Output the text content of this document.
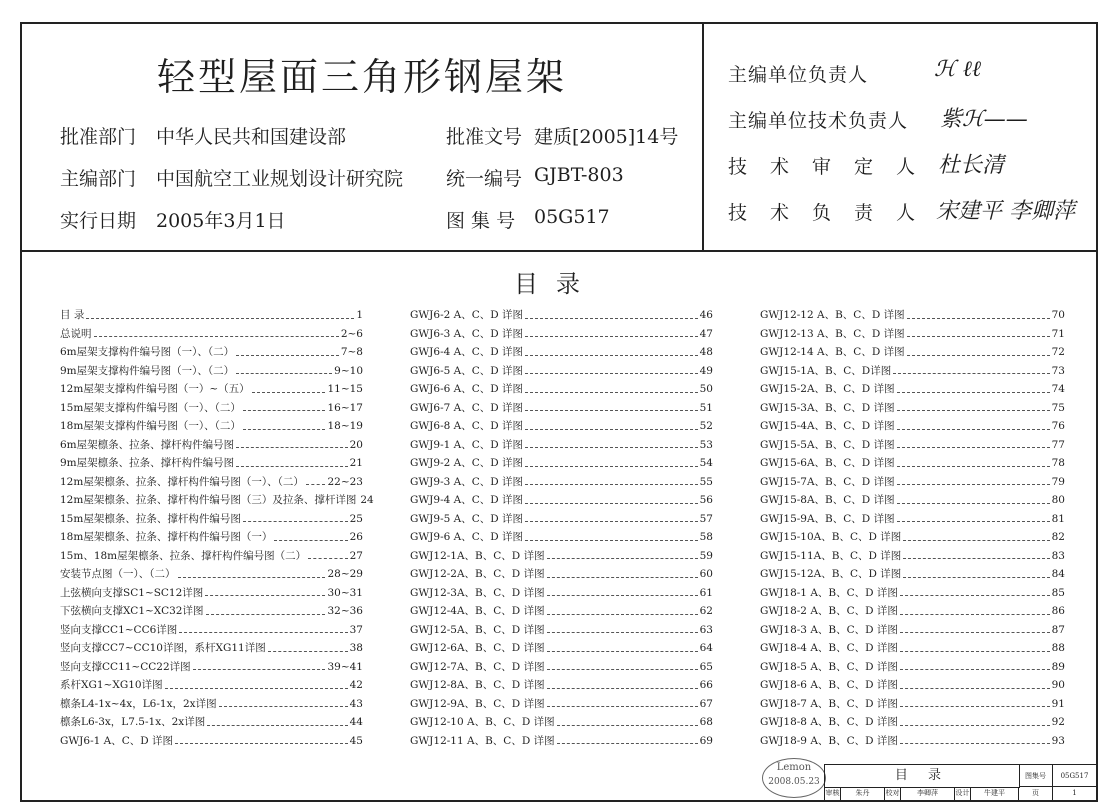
轻型屋面三角形钢屋架
批准部门 中华人民共和国建设部	批准文号 建质[2005]14号
主编部门 中国航空工业规划设计研究院 统一编号 GJBT-803
实行日期 2005年3月1日	图 集 号 05G517
主编单位负责人	ℋ ℓℓ
主编单位技术负责人 紫ℋ——
技术审定人 杜长清
技术负责人
宋建平 李卿萍
目录
目 录	1
总说明	2~6
6m屋架支撑构件编号图（一）、（二）	7~8
9m屋架支撑构件编号图（一）、（二）	9~10
12m屋架支撑构件编号图（一）~（五）	11~15
15m屋架支撑构件编号图（一）、（二）	16~17
18m屋架支撑构件编号图（一）、（二）	18~19
6m屋架檩条、拉条、撑杆构件编号图	20
9m屋架檩条、拉条、撑杆构件编号图	21
12m屋架檩条、拉条、撑杆构件编号图（一）、（二） 22~23
12m屋架檩条、拉条、撑杆构件编号图（三）及拉条、撑杆详图 24
15m屋架檩条、拉条、撑杆构件编号图	25
18m屋架檩条、拉条、撑杆构件编号图（一）	26
15m、18m屋架檩条、拉条、撑杆构件编号图（二）	27
安装节点图（一）、（二）	28~29
上弦横向支撑SC1~SC12详图	30~31
下弦横向支撑XC1~XC32详图	32~36
竖向支撑CC1~CC6详图	37
竖向支撑CC7~CC10详图，系杆XG11详图	38
竖向支撑CC11~CC22详图	39~41
系杆XG1~XG10详图	42
檩条L4-1x~4x，L6-1x，2x详图	43
檩条L6-3x，L7.5-1x、2x详图	44
GWJ6-1 A、C、D 详图	45
GWJ6-2 A、C、D 详图	46
GWJ6-3 A、C、D 详图	47
GWJ6-4 A、C、D 详图	48
GWJ6-5 A、C、D 详图	49
GWJ6-6 A、C、D 详图	50
GWJ6-7 A、C、D 详图	51
GWJ6-8 A、C、D 详图	52
GWJ9-1 A、C、D 详图	53
GWJ9-2 A、C、D 详图	54
GWJ9-3 A、C、D 详图	55
GWJ9-4 A、C、D 详图	56
GWJ9-5 A、C、D 详图	57
GWJ9-6 A、C、D 详图	58
GWJ12-1A、B、C、D 详图	59
GWJ12-2A、B、C、D 详图	60
GWJ12-3A、B、C、D 详图	61
GWJ12-4A、B、C、D 详图	62
GWJ12-5A、B、C、D 详图	63
GWJ12-6A、B、C、D 详图	64
GWJ12-7A、B、C、D 详图	65
GWJ12-8A、B、C、D 详图	66
GWJ12-9A、B、C、D 详图	67
GWJ12-10 A、B、C、D 详图	68
GWJ12-11 A、B、C、D 详图	69
GWJ12-12 A、B、C、D 详图	70
GWJ12-13 A、B、C、D 详图	71
GWJ12-14 A、B、C、D 详图	72
GWJ15-1A、B、C、D详图	73
GWJ15-2A、B、C、D 详图	74
GWJ15-3A、B、C、D 详图	75
GWJ15-4A、B、C、D 详图	76
GWJ15-5A、B、C、D 详图	77
GWJ15-6A、B、C、D 详图	78
GWJ15-7A、B、C、D 详图	79
GWJ15-8A、B、C、D 详图	80
GWJ15-9A、B、C、D 详图	81
GWJ15-10A、B、C、D 详图	82
GWJ15-11A、B、C、D 详图	83
GWJ15-12A、B、C、D 详图	84
GWJ18-1 A、B、C、D 详图	85
GWJ18-2 A、B、C、D 详图	86
GWJ18-3 A、B、C、D 详图	87
GWJ18-4 A、B、C、D 详图	88
GWJ18-5 A、B、C、D 详图	89
GWJ18-6 A、B、C、D 详图	90
GWJ18-7 A、B、C、D 详图	91
GWJ18-8 A、B、C、D 详图	92
GWJ18-9 A、B、C、D 详图	93
Lemon
2008.05.23	目 录	图集号	05G517
审核	朱丹	校对	李卿萍	设计	牛建平	页	1
